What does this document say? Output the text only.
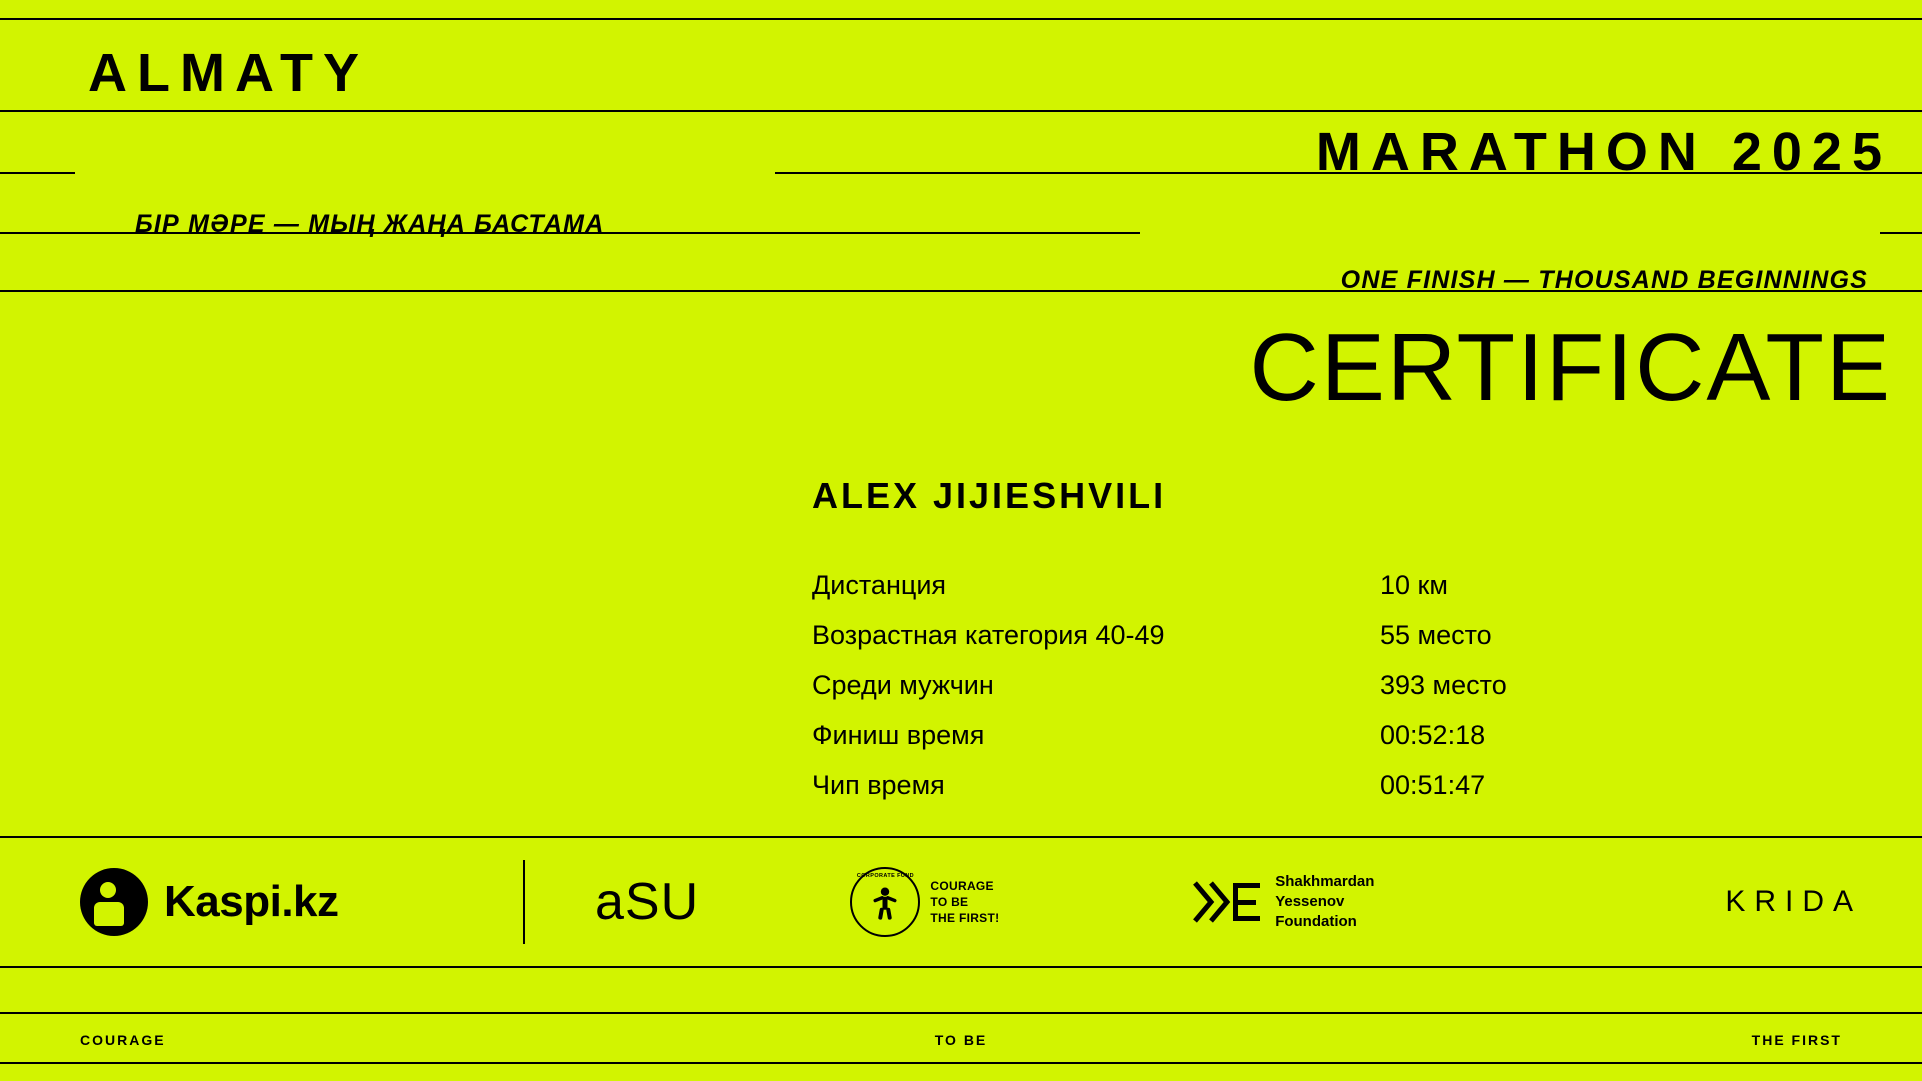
ALMATY
MARATHON 2025
БІР МӘРЕ — МЫҢ ЖАҢА БАСТАМА
ONE FINISH — THOUSAND BEGINNINGS
CERTIFICATE
ALEX JIJIESHVILI
Дистанция	10 км
Возрастная категория 40-49	55 место
Среди мужчин	393 место
Финиш время	00:52:18
Чип время	00:51:47
Kaspi.kz	aSU	CORPORATE FUND
COURAGE
TO BE
THE FIRST!
Shakhmardan
Yessenov
Foundation
KRIDA
COURAGE	TO BE	THE FIRST
